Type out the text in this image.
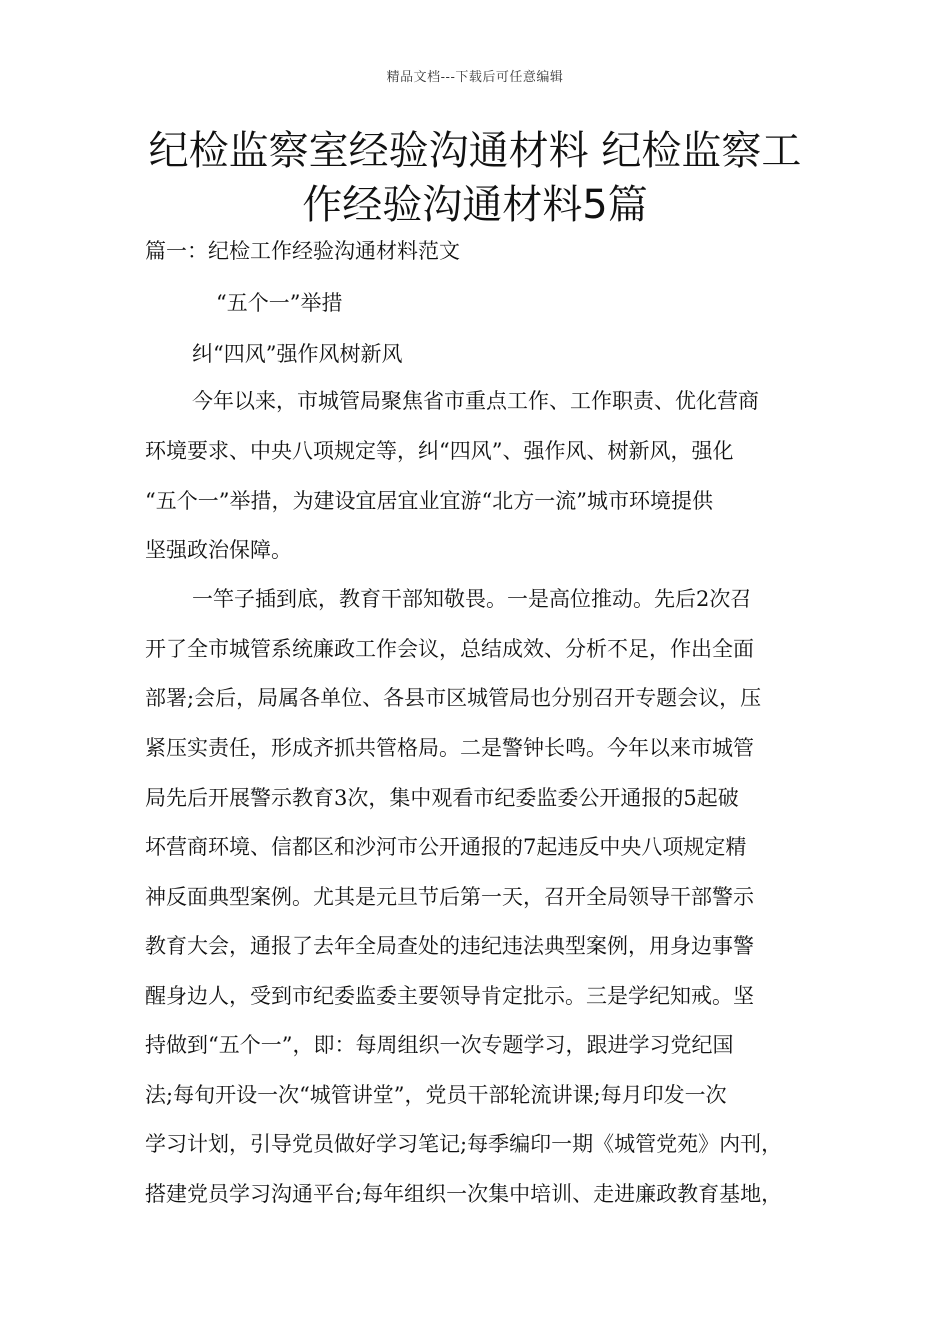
精品文档---下载后可任意编辑
纪检监察室经验沟通材料 纪检监察工
作经验沟通材料5篇
篇一：纪检工作经验沟通材料范文
“五个一”举措
纠“四风”强作风树新风
今年以来，市城管局聚焦省市重点工作、工作职责、优化营商
环境要求、中央八项规定等，纠“四风”、强作风、树新风，强化
“五个一”举措，为建设宜居宜业宜游“北方一流”城市环境提供
坚强政治保障。
一竿子插到底，教育干部知敬畏。一是高位推动。先后2次召
开了全市城管系统廉政工作会议，总结成效、分析不足，作出全面
部署;会后，局属各单位、各县市区城管局也分别召开专题会议，压
紧压实责任，形成齐抓共管格局。二是警钟长鸣。今年以来市城管
局先后开展警示教育3次，集中观看市纪委监委公开通报的5起破
坏营商环境、信都区和沙河市公开通报的7起违反中央八项规定精
神反面典型案例。尤其是元旦节后第一天，召开全局领导干部警示
教育大会，通报了去年全局查处的违纪违法典型案例，用身边事警
醒身边人，受到市纪委监委主要领导肯定批示。三是学纪知戒。坚
持做到“五个一”，即：每周组织一次专题学习，跟进学习党纪国
法;每旬开设一次“城管讲堂”，党员干部轮流讲课;每月印发一次
学习计划，引导党员做好学习笔记;每季编印一期《城管党苑》内刊，
搭建党员学习沟通平台;每年组织一次集中培训、走进廉政教育基地，
